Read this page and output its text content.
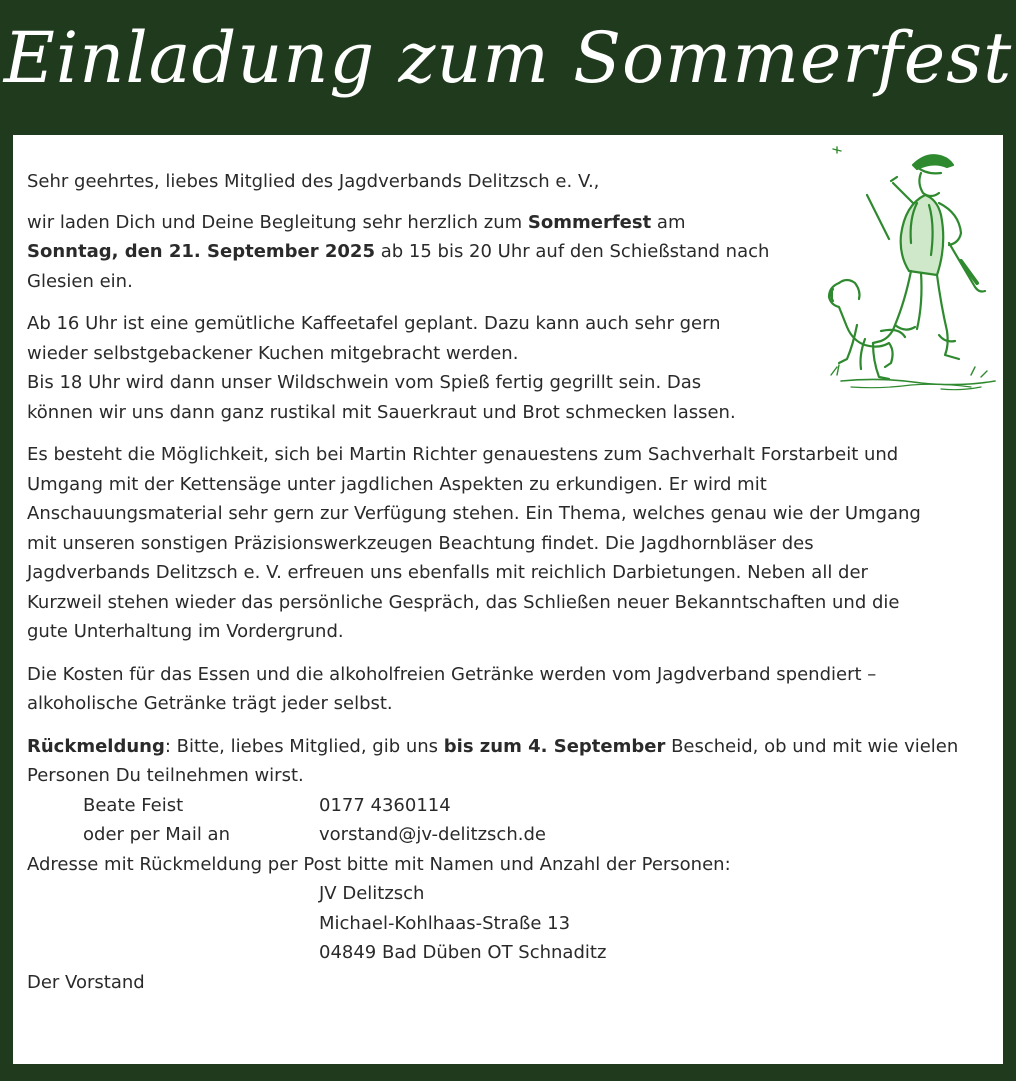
Einladung zum Sommerfest

Sehr geehrtes, liebes Mitglied des Jagdverbands Delitzsch e. V.,

wir laden Dich und Deine Begleitung sehr herzlich zum Sommerfest am
Sonntag, den 21. September 2025 ab 15 bis 20 Uhr auf den Schießstand nach
Glesien ein.

Ab 16 Uhr ist eine gemütliche Kaffeetafel geplant. Dazu kann auch sehr gern
wieder selbstgebackener Kuchen mitgebracht werden.
Bis 18 Uhr wird dann unser Wildschwein vom Spieß fertig gegrillt sein. Das
können wir uns dann ganz rustikal mit Sauerkraut und Brot schmecken lassen.

Es besteht die Möglichkeit, sich bei Martin Richter genauestens zum Sachverhalt Forstarbeit und
Umgang mit der Kettensäge unter jagdlichen Aspekten zu erkundigen. Er wird mit
Anschauungsmaterial sehr gern zur Verfügung stehen. Ein Thema, welches genau wie der Umgang
mit unseren sonstigen Präzisionswerkzeugen Beachtung findet. Die Jagdhornbläser des
Jagdverbands Delitzsch e. V. erfreuen uns ebenfalls mit reichlich Darbietungen. Neben all der
Kurzweil stehen wieder das persönliche Gespräch, das Schließen neuer Bekanntschaften und die
gute Unterhaltung im Vordergrund.

Die Kosten für das Essen und die alkoholfreien Getränke werden vom Jagdverband spendiert –
alkoholische Getränke trägt jeder selbst.

Rückmeldung: Bitte, liebes Mitglied, gib uns bis zum 4. September Bescheid, ob und mit wie vielen
Personen Du teilnehmen wirst.
Beate Feist	0177 4360114
oder per Mail an	vorstand@jv-delitzsch.de
Adresse mit Rückmeldung per Post bitte mit Namen und Anzahl der Personen:
JV Delitzsch
Michael-Kohlhaas-Straße 13
04849 Bad Düben OT Schnaditz
Der Vorstand
